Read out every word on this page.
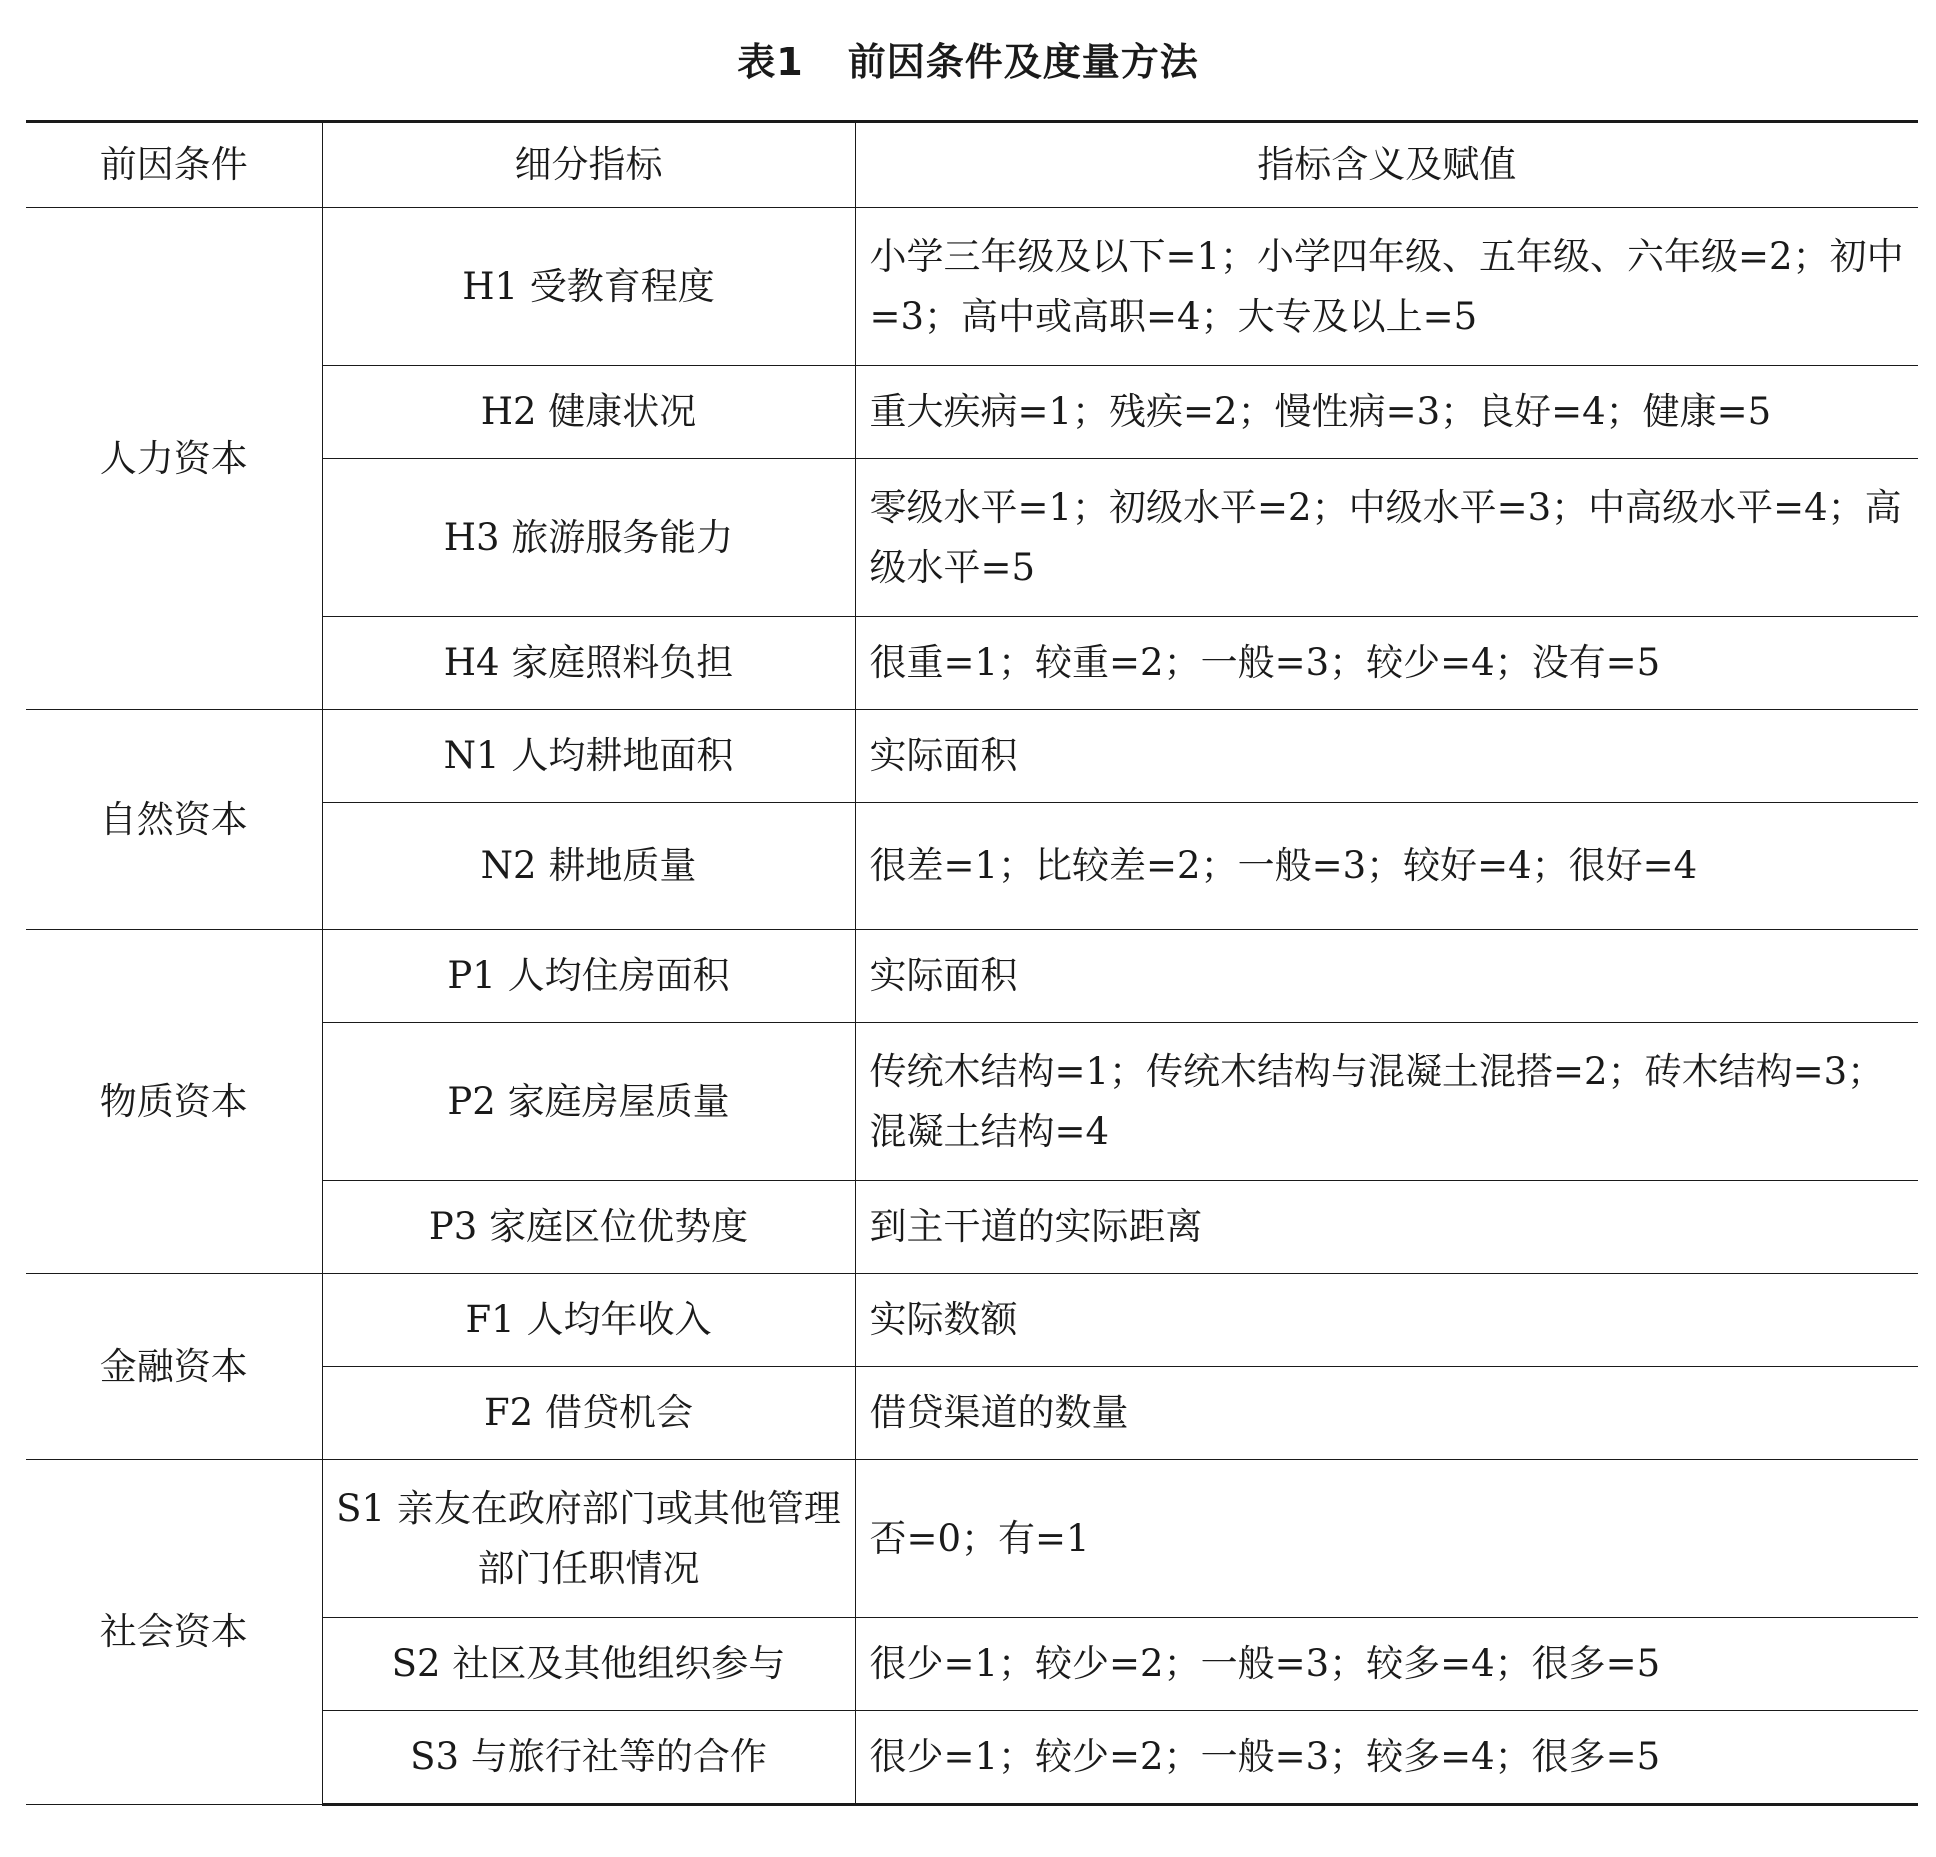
表1 前因条件及度量方法
前因条件	细分指标	指标含义及赋值
人力资本	H1 受教育程度	小学三年级及以下=1；小学四年级、五年级、六年级=2；初中=3；高中或高职=4；大专及以上=5
	H2 健康状况	重大疾病=1；残疾=2；慢性病=3；良好=4；健康=5
	H3 旅游服务能力	零级水平=1；初级水平=2；中级水平=3；中高级水平=4；高级水平=5
	H4 家庭照料负担	很重=1；较重=2；一般=3；较少=4；没有=5
自然资本	N1 人均耕地面积	实际面积
	N2 耕地质量	很差=1；比较差=2；一般=3；较好=4；很好=4
物质资本	P1 人均住房面积	实际面积
	P2 家庭房屋质量	传统木结构=1；传统木结构与混凝土混搭=2；砖木结构=3；混凝土结构=4
	P3 家庭区位优势度	到主干道的实际距离
金融资本	F1 人均年收入	实际数额
	F2 借贷机会	借贷渠道的数量
社会资本	S1 亲友在政府部门或其他管理部门任职情况	否=0；有=1
	S2 社区及其他组织参与	很少=1；较少=2；一般=3；较多=4；很多=5
	S3 与旅行社等的合作	很少=1；较少=2；一般=3；较多=4；很多=5
